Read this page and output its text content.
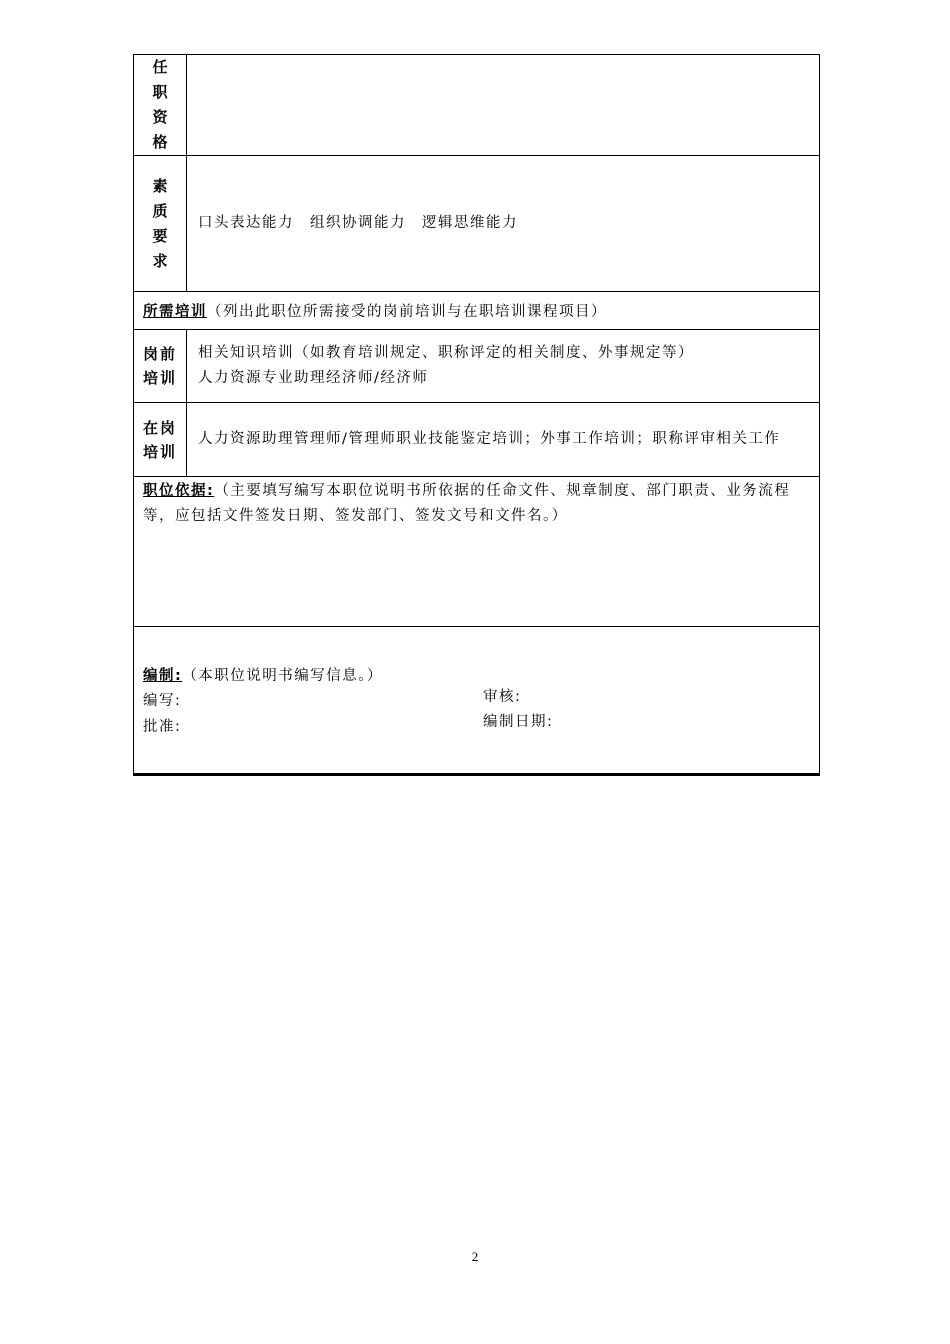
任
职
资
格
素
质
要
求
口头表达能力　组织协调能力　逻辑思维能力
所需培训 （列出此职位所需接受的岗前培训与在职培训课程项目）
岗前
培训
相关知识培训（如教育培训规定、职称评定的相关制度、外事规定等）
人力资源专业助理经济师/经济师
在岗
培训
人力资源助理管理师/管理师职业技能鉴定培训；外事工作培训；职称评审相关工作
职位依据:（主要填写编写本职位说明书所依据的任命文件、规章制度、部门职责、业务流程
等，应包括文件签发日期、签发部门、签发文号和文件名。）
编制:（本职位说明书编写信息。）
编写:
批准:
审核:
编制日期:
2
